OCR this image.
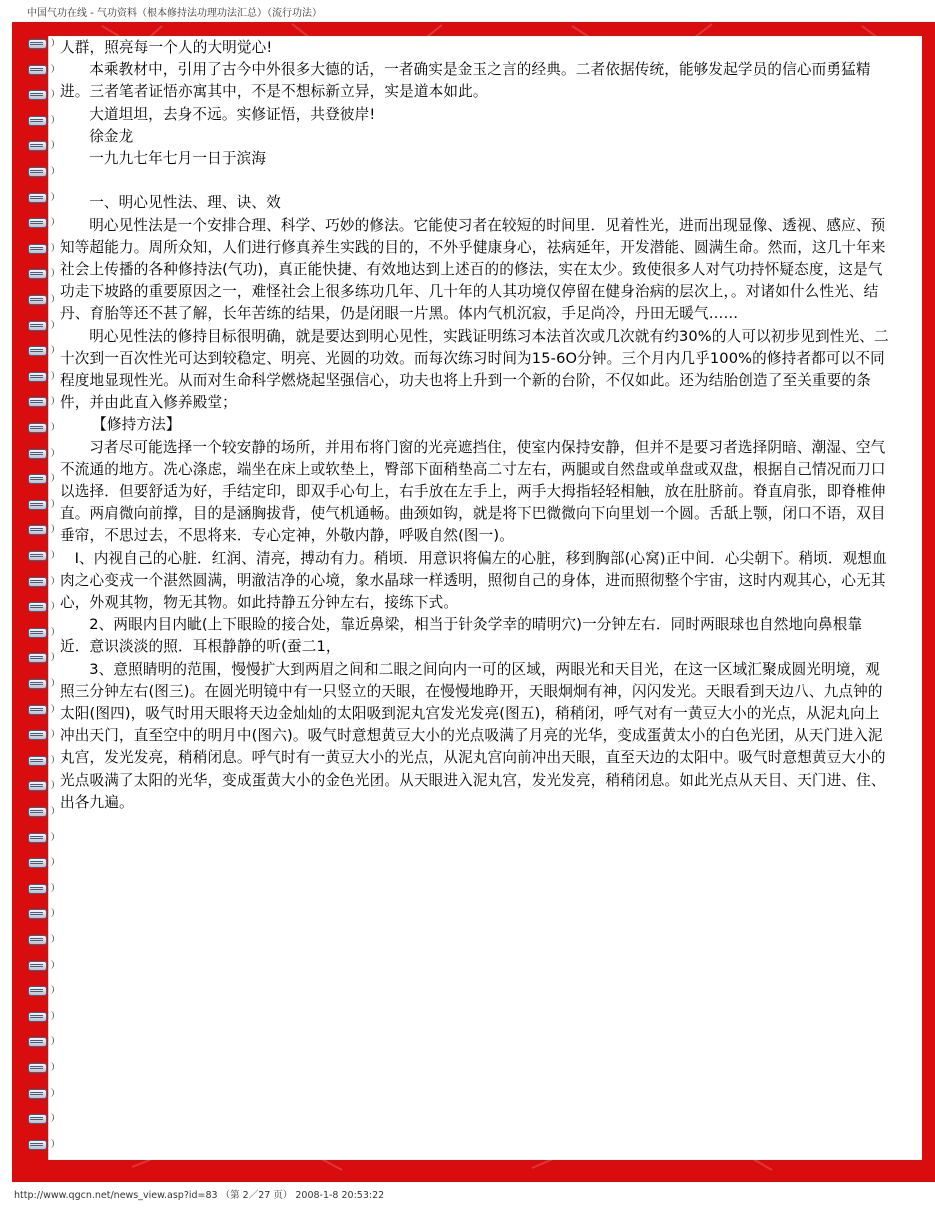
中国气功在线 - 气功资料（根本修持法功理功法汇总）（流行功法）

人群，照亮每一个人的大明觉心!

本乘教材中，引用了古今中外很多大德的话，一者确实是金玉之言的经典。二者依据传统，能够发起学员的信心而勇猛精进。三者笔者证悟亦寓其中，不是不想标新立异，实是道本如此。

大道坦坦，去身不远。实修证悟，共登彼岸!

徐金龙

一九九七年七月一日于滨海

一、明心见性法、理、诀、效

明心见性法是一个安排合理、科学、巧妙的修法。它能使习者在较短的时间里．见着性光，进而出现显像、透视、感应、预知等超能力。周所众知，人们进行修真养生实践的目的，不外乎健康身心，祛病延年，开发潜能、圆满生命。然而，这几十年来社会上传播的各种修持法(气功)，真正能快捷、有效地达到上述百的的修法，实在太少。致使很多人对气功持怀疑态度，这是气功走下坡路的重要原因之一，难怪社会上很多练功几年、几十年的人其功境仅停留在健身治病的层次上，。对诸如什么性光、结丹、育胎等还不甚了解，长年苦练的结果，仍是闭眼一片黑。体内气机沉寂，手足尚冷，丹田无暖气……

明心见性法的修持目标很明确，就是要达到明心见性，实践证明练习本法首次或几次就有约30%的人可以初步见到性光、二十次到一百次性光可达到较稳定、明亮、光圆的功效。而每次练习时间为15-6O分钟。三个月内几乎100%的修持者都可以不同程度地显现性光。从而对生命科学燃烧起坚强信心，功夫也将上升到一个新的台阶，不仅如此。还为结胎创造了至关重要的条件，并由此直入修养殿堂；

【修持方法】

习者尽可能选择一个较安静的场所，并用布将门窗的光亮遮挡住，使室内保持安静，但并不是要习者选择阴暗、潮湿、空气不流通的地方。冼心涤虑，端坐在床上或软垫上，臀部下面稍垫高二寸左右，两腿或自然盘或单盘或双盘，根据自己情况而刀口以选择．但要舒适为好，手结定印，即双手心句上，右手放在左手上，两手大拇指轻轻相触，放在肚脐前。脊直肩张，即脊椎伸直。两肩微向前撑，目的是涵胸拔背，使气机通畅。曲颈如钩，就是将下巴微微向下向里划一个圆。舌舐上颚，闭口不语，双目垂帘，不思过去，不思将来．专心定神，外敬内静，呼吸自然(图一)。

I、内视自己的心脏．红润、清亮，搏动有力。稍顷．用意识将偏左的心脏，移到胸部(心窝)正中间．心尖朝下。稍顷．观想血肉之心变戎一个湛然圆满，明澈洁净的心境，象水晶球一样透明，照彻自己的身体，进而照彻整个宇宙，这时内观其心，心无其心，外观其物，物无其物。如此持静五分钟左右，接练下式。

2、两眼内目内眦(上下眼睑的接合处，靠近鼻梁，相当于针灸学幸的晴明穴)一分钟左右．同时两眼球也自然地向鼻根靠近．意识淡淡的照．耳根静静的听(蚕二1，

3、意照睛明的范围，慢慢扩大到两眉之间和二眼之间向内一可的区域，两眼光和天目光，在这一区域汇聚成圆光明境，观照三分钟左右(图三)。在圆光明镜中有一只竖立的天眼，在慢慢地睁开，天眼炯炯有神，闪闪发光。天眼看到天边八、九点钟的太阳(图四)，吸气时用天眼将天边金灿灿的太阳吸到泥丸宫发光发亮(图五)，稍稍闭，呼气对有一黄豆大小的光点，从泥丸向上冲出天门，直至空中的明月中(图六)。吸气时意想黄豆大小的光点吸满了月亮的光华，变成蛋黄太小的白色光团，从天门进入泥丸宫，发光发亮，稍稍闭息。呼气时有一黄豆大小的光点，从泥丸宫向前冲出天眼，直至天边的太阳中。吸气时意想黄豆大小的光点吸满了太阳的光华，变成蛋黄大小的金色光团。从天眼进入泥丸宫，发光发亮，稍稍闭息。如此光点从天目、天门进、住、出各九遍。

http://www.qgcn.net/news_view.asp?id=83 （第 2／27 页） 2008-1-8 20:53:22
